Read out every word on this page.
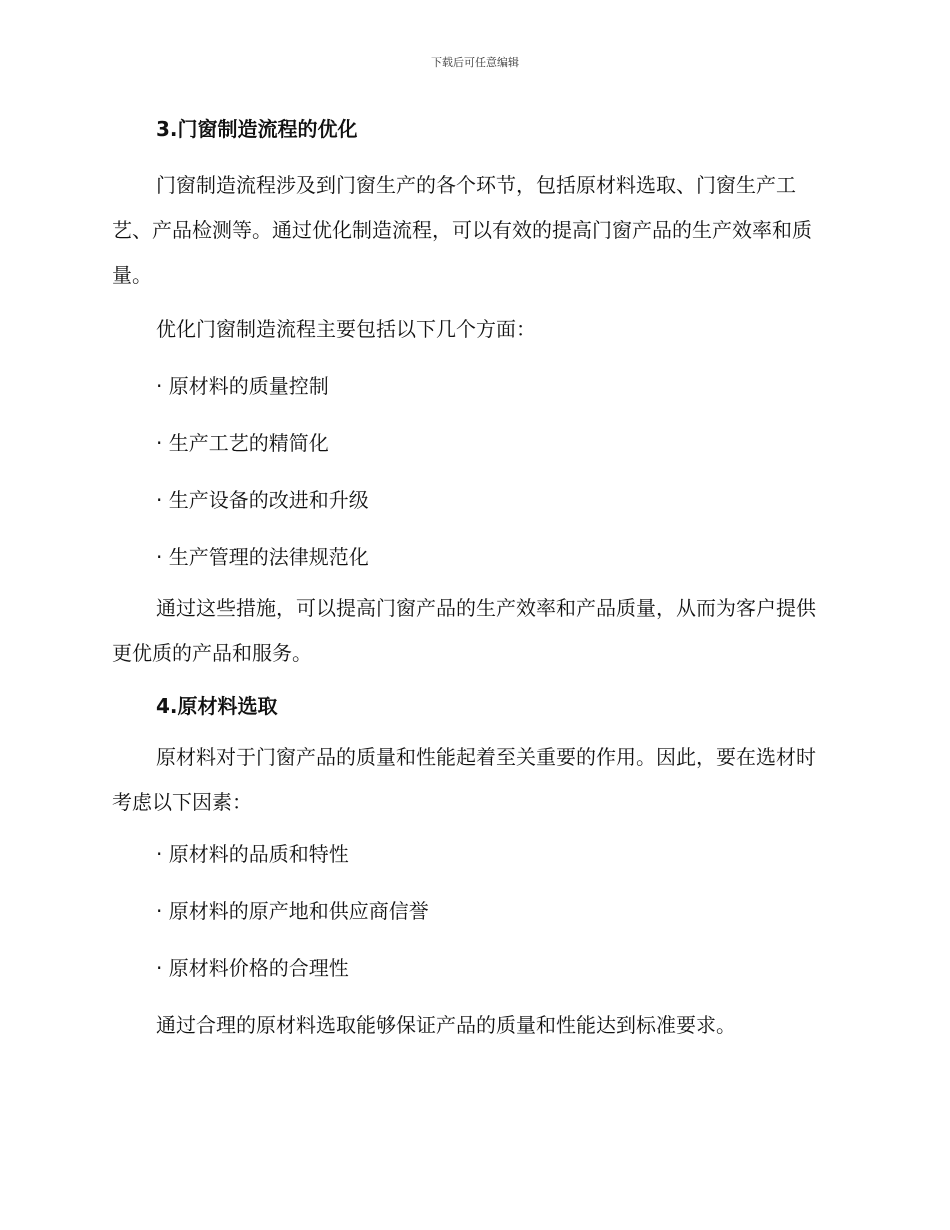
下载后可任意编辑
3.门窗制造流程的优化

门窗制造流程涉及到门窗生产的各个环节，包括原材料选取、门窗生产工艺、产品检测等。通过优化制造流程，可以有效的提高门窗产品的生产效率和质量。

优化门窗制造流程主要包括以下几个方面：

· 原材料的质量控制

· 生产工艺的精简化

· 生产设备的改进和升级

· 生产管理的法律规范化

通过这些措施，可以提高门窗产品的生产效率和产品质量，从而为客户提供更优质的产品和服务。

4.原材料选取

原材料对于门窗产品的质量和性能起着至关重要的作用。因此，要在选材时考虑以下因素：

· 原材料的品质和特性

· 原材料的原产地和供应商信誉

· 原材料价格的合理性

通过合理的原材料选取能够保证产品的质量和性能达到标准要求。
